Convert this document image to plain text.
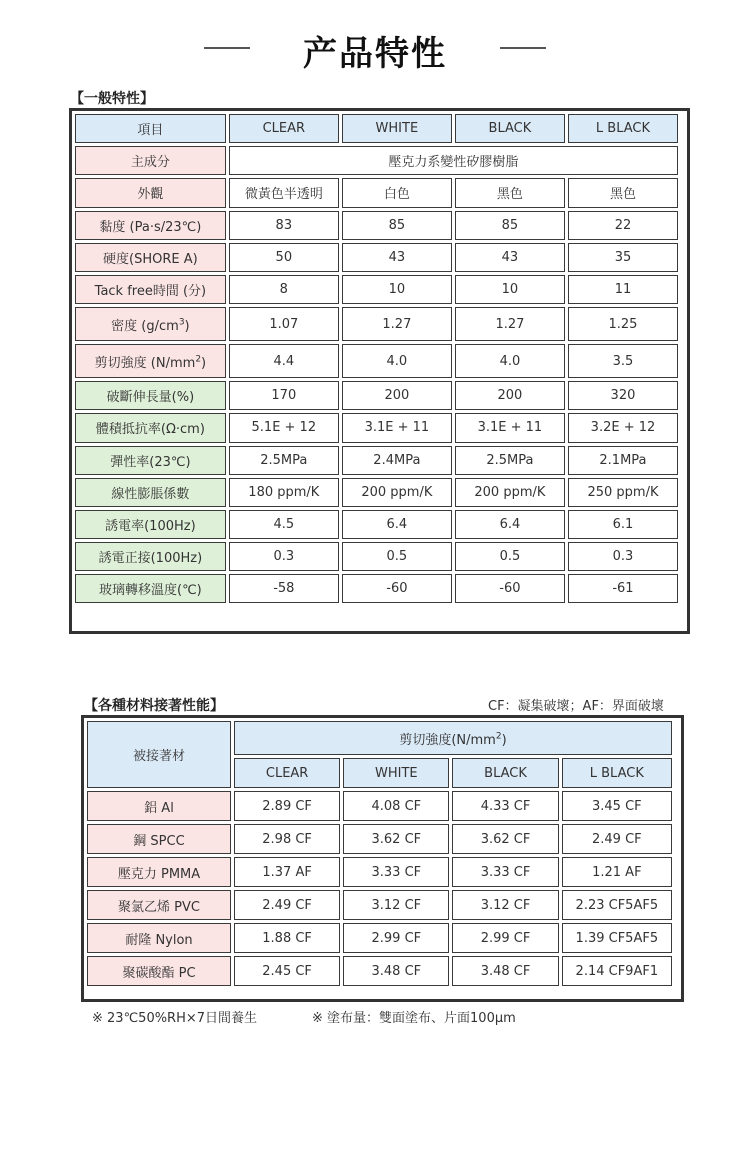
产品特性
【一般特性】
項目	CLEAR	WHITE	BLACK	L BLACK
主成分	壓克力系變性矽膠樹脂			
外觀	微黃色半透明	白色	黑色	黑色
黏度 (Pa·s/23℃)	83	85	85	22
硬度(SHORE A)	50	43	43	35
Tack free時間 (分)	8	10	10	11
密度 $(g/cm^3)$	1.07	1.27	1.27	1.25
剪切強度 $(N/mm^2)$	4.4	4.0	4.0	3.5
破斷伸長量(%)	170	200	200	320
體積抵抗率(Ω·cm)	5.1E + 12	3.1E + 11	3.1E + 11	3.2E + 12
彈性率(23℃)	2.5MPa	2.4MPa	2.5MPa	2.1MPa
線性膨脹係數	180 ppm/K	200 ppm/K	200 ppm/K	250 ppm/K
誘電率(100Hz)	4.5	6.4	6.4	6.1
誘電正接(100Hz)	0.3	0.5	0.5	0.3
玻璃轉移溫度(℃)	-58	-60	-60	-61
【各種材料接著性能】	CF：凝集破壞；AF：界面破壞
被接著材	剪切強度$(N/mm^2)$			
	CLEAR	WHITE	BLACK	L BLACK
鋁 Al	2.89 CF	4.08 CF	4.33 CF	3.45 CF
鋼 SPCC	2.98 CF	3.62 CF	3.62 CF	2.49 CF
壓克力 PMMA	1.37 AF	3.33 CF	3.33 CF	1.21 AF
聚氯乙烯 PVC	2.49 CF	3.12 CF	3.12 CF	2.23 CF5AF5
耐隆 Nylon	1.88 CF	2.99 CF	2.99 CF	1.39 CF5AF5
聚碳酸酯 PC	2.45 CF	3.48 CF	3.48 CF	2.14 CF9AF1
※ 23℃50%RH×7日間養生	※ 塗布量：雙面塗布、片面100μm
